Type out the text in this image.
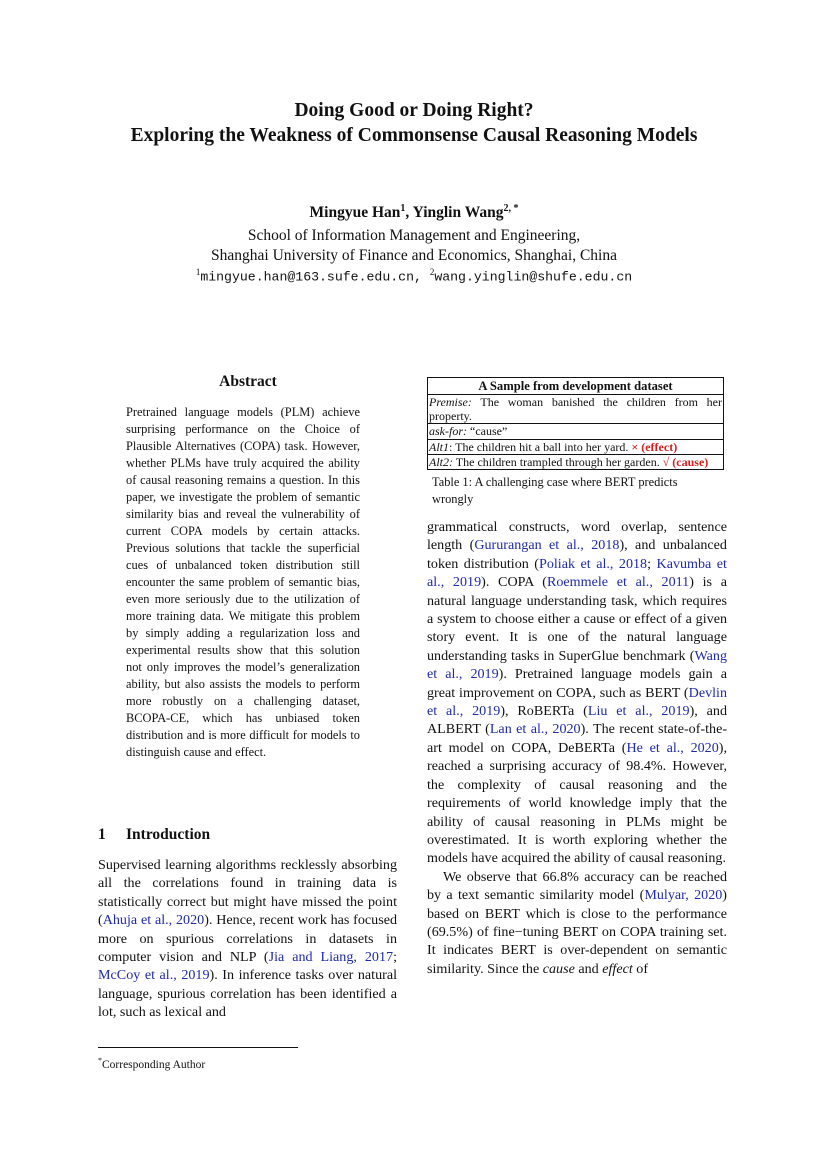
Doing Good or Doing Right?
Exploring the Weakness of Commonsense Causal Reasoning Models
Mingyue Han$^1$, Yinglin Wang$^{2, *}$
School of Information Management and Engineering,
Shanghai University of Finance and Economics, Shanghai, China
$^1$mingyue.han@163.sufe.edu.cn, $^2$wang.yinglin@shufe.edu.cn
Abstract

Pretrained language models (PLM) achieve surprising performance on the Choice of Plausible Alternatives (COPA) task. However, whether PLMs have truly acquired the ability of causal reasoning remains a question. In this paper, we investigate the problem of semantic similarity bias and reveal the vulnerability of current COPA models by certain attacks. Previous solutions that tackle the superficial cues of unbalanced token distribution still encounter the same problem of semantic bias, even more seriously due to the utilization of more training data. We mitigate this problem by simply adding a regularization loss and experimental results show that this solution not only improves the model’s generalization ability, but also assists the models to perform more robustly on a challenging dataset, BCOPA-CE, which has unbiased token distribution and is more difficult for models to distinguish cause and effect.

1 Introduction

Supervised learning algorithms recklessly absorbing all the correlations found in training data is statistically correct but might have missed the point (Ahuja et al., 2020). Hence, recent work has focused more on spurious correlations in datasets in computer vision and NLP (Jia and Liang, 2017; McCoy et al., 2019). In inference tasks over natural language, spurious correlation has been identified a lot, such as lexical and

*Corresponding Author
A Sample from development dataset
Premise: The woman banished the children from her
property.
ask-for: “cause”
Alt1: The children hit a ball into her yard. × (effect)
Alt2: The children trampled through her garden. √ (cause)
Table 1: A challenging case where BERT predicts wrongly

grammatical constructs, word overlap, sentence length (Gururangan et al., 2018), and unbalanced token distribution (Poliak et al., 2018; Kavumba et al., 2019). COPA (Roemmele et al., 2011) is a natural language understanding task, which requires a system to choose either a cause or effect of a given story event. It is one of the natural language understanding tasks in SuperGlue benchmark (Wang et al., 2019). Pretrained language models gain a great improvement on COPA, such as BERT (Devlin et al., 2019), RoBERTa (Liu et al., 2019), and ALBERT (Lan et al., 2020). The recent state-of-the-art model on COPA, DeBERTa (He et al., 2020), reached a surprising accuracy of 98.4%. However, the complexity of causal reasoning and the requirements of world knowledge imply that the ability of causal reasoning in PLMs might be overestimated. It is worth exploring whether the models have acquired the ability of causal reasoning.

We observe that 66.8% accuracy can be reached by a text semantic similarity model (Mulyar, 2020) based on BERT which is close to the performance (69.5%) of fine−tuning BERT on COPA training set. It indicates BERT is over-dependent on semantic similarity. Since the cause and effect of
